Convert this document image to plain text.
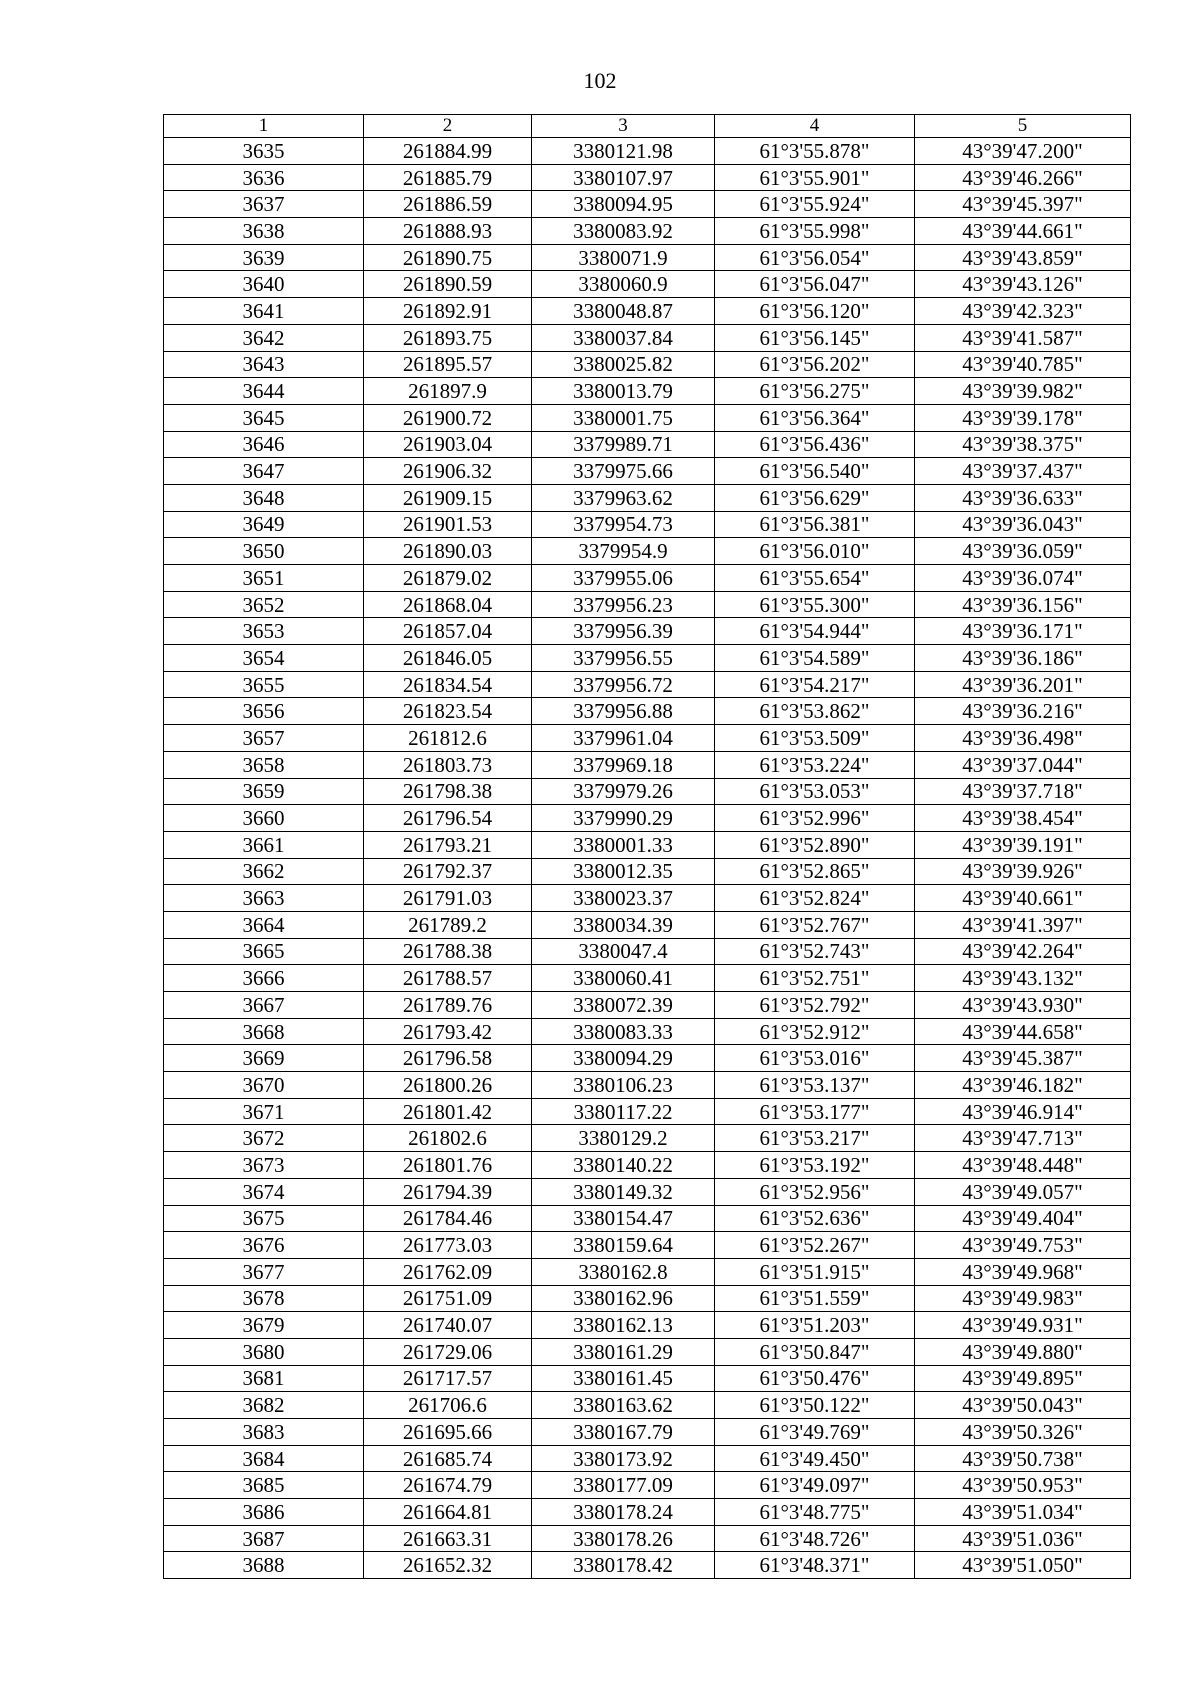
102
1	2	3	4	5
3635	261884.99	3380121.98	61°3'55.878"	43°39'47.200"
3636	261885.79	3380107.97	61°3'55.901"	43°39'46.266"
3637	261886.59	3380094.95	61°3'55.924"	43°39'45.397"
3638	261888.93	3380083.92	61°3'55.998"	43°39'44.661"
3639	261890.75	3380071.9	61°3'56.054"	43°39'43.859"
3640	261890.59	3380060.9	61°3'56.047"	43°39'43.126"
3641	261892.91	3380048.87	61°3'56.120"	43°39'42.323"
3642	261893.75	3380037.84	61°3'56.145"	43°39'41.587"
3643	261895.57	3380025.82	61°3'56.202"	43°39'40.785"
3644	261897.9	3380013.79	61°3'56.275"	43°39'39.982"
3645	261900.72	3380001.75	61°3'56.364"	43°39'39.178"
3646	261903.04	3379989.71	61°3'56.436"	43°39'38.375"
3647	261906.32	3379975.66	61°3'56.540"	43°39'37.437"
3648	261909.15	3379963.62	61°3'56.629"	43°39'36.633"
3649	261901.53	3379954.73	61°3'56.381"	43°39'36.043"
3650	261890.03	3379954.9	61°3'56.010"	43°39'36.059"
3651	261879.02	3379955.06	61°3'55.654"	43°39'36.074"
3652	261868.04	3379956.23	61°3'55.300"	43°39'36.156"
3653	261857.04	3379956.39	61°3'54.944"	43°39'36.171"
3654	261846.05	3379956.55	61°3'54.589"	43°39'36.186"
3655	261834.54	3379956.72	61°3'54.217"	43°39'36.201"
3656	261823.54	3379956.88	61°3'53.862"	43°39'36.216"
3657	261812.6	3379961.04	61°3'53.509"	43°39'36.498"
3658	261803.73	3379969.18	61°3'53.224"	43°39'37.044"
3659	261798.38	3379979.26	61°3'53.053"	43°39'37.718"
3660	261796.54	3379990.29	61°3'52.996"	43°39'38.454"
3661	261793.21	3380001.33	61°3'52.890"	43°39'39.191"
3662	261792.37	3380012.35	61°3'52.865"	43°39'39.926"
3663	261791.03	3380023.37	61°3'52.824"	43°39'40.661"
3664	261789.2	3380034.39	61°3'52.767"	43°39'41.397"
3665	261788.38	3380047.4	61°3'52.743"	43°39'42.264"
3666	261788.57	3380060.41	61°3'52.751"	43°39'43.132"
3667	261789.76	3380072.39	61°3'52.792"	43°39'43.930"
3668	261793.42	3380083.33	61°3'52.912"	43°39'44.658"
3669	261796.58	3380094.29	61°3'53.016"	43°39'45.387"
3670	261800.26	3380106.23	61°3'53.137"	43°39'46.182"
3671	261801.42	3380117.22	61°3'53.177"	43°39'46.914"
3672	261802.6	3380129.2	61°3'53.217"	43°39'47.713"
3673	261801.76	3380140.22	61°3'53.192"	43°39'48.448"
3674	261794.39	3380149.32	61°3'52.956"	43°39'49.057"
3675	261784.46	3380154.47	61°3'52.636"	43°39'49.404"
3676	261773.03	3380159.64	61°3'52.267"	43°39'49.753"
3677	261762.09	3380162.8	61°3'51.915"	43°39'49.968"
3678	261751.09	3380162.96	61°3'51.559"	43°39'49.983"
3679	261740.07	3380162.13	61°3'51.203"	43°39'49.931"
3680	261729.06	3380161.29	61°3'50.847"	43°39'49.880"
3681	261717.57	3380161.45	61°3'50.476"	43°39'49.895"
3682	261706.6	3380163.62	61°3'50.122"	43°39'50.043"
3683	261695.66	3380167.79	61°3'49.769"	43°39'50.326"
3684	261685.74	3380173.92	61°3'49.450"	43°39'50.738"
3685	261674.79	3380177.09	61°3'49.097"	43°39'50.953"
3686	261664.81	3380178.24	61°3'48.775"	43°39'51.034"
3687	261663.31	3380178.26	61°3'48.726"	43°39'51.036"
3688	261652.32	3380178.42	61°3'48.371"	43°39'51.050"
